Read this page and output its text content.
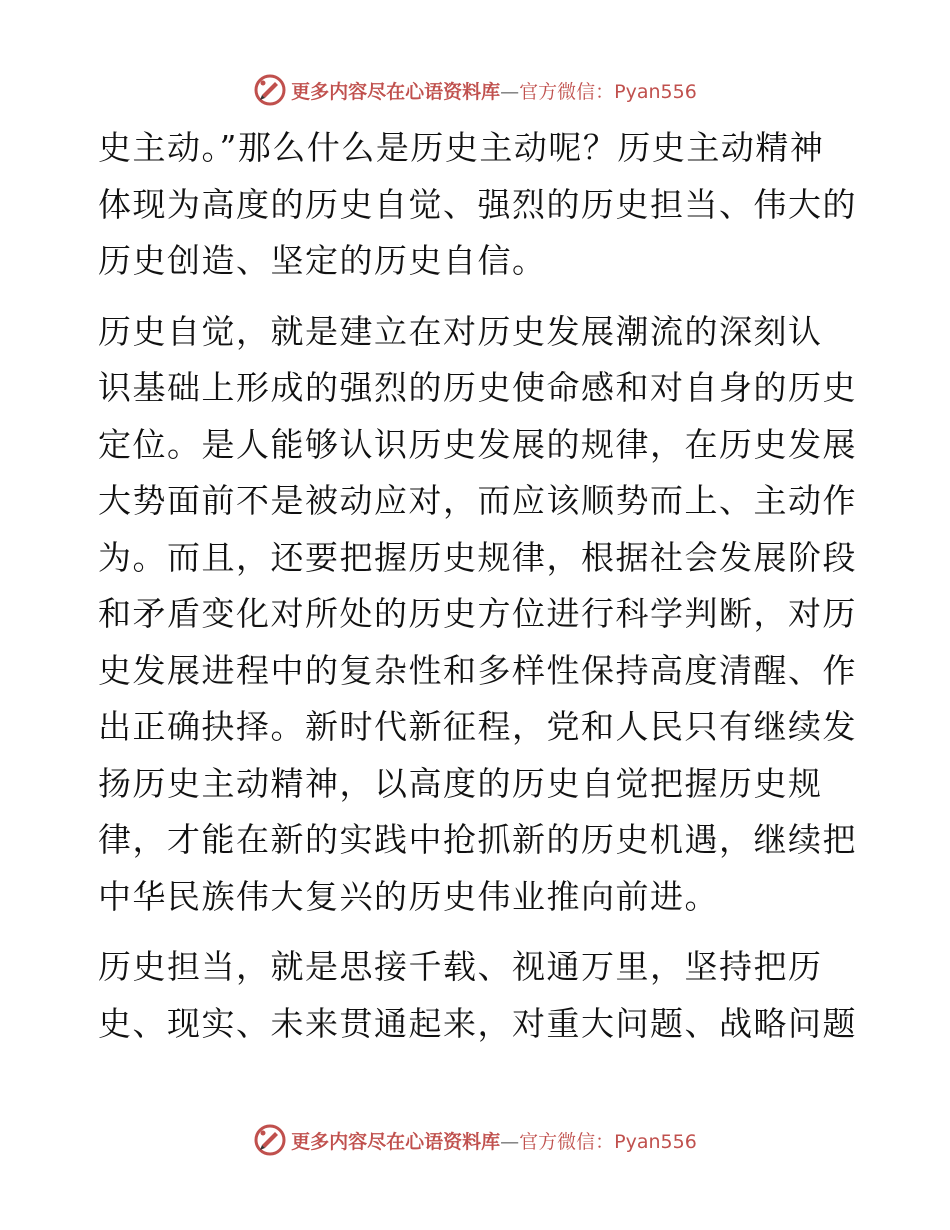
更多内容尽在心语资料库—官方微信：Pyan556

史主动。”那么什么是历史主动呢？历史主动精神
体现为高度的历史自觉、强烈的历史担当、伟大的
历史创造、坚定的历史自信。

历史自觉，就是建立在对历史发展潮流的深刻认
识基础上形成的强烈的历史使命感和对自身的历史
定位。是人能够认识历史发展的规律，在历史发展
大势面前不是被动应对，而应该顺势而上、主动作
为。而且，还要把握历史规律，根据社会发展阶段
和矛盾变化对所处的历史方位进行科学判断，对历
史发展进程中的复杂性和多样性保持高度清醒、作
出正确抉择。新时代新征程，党和人民只有继续发
扬历史主动精神，以高度的历史自觉把握历史规
律，才能在新的实践中抢抓新的历史机遇，继续把
中华民族伟大复兴的历史伟业推向前进。

历史担当，就是思接千载、视通万里，坚持把历
史、现实、未来贯通起来，对重大问题、战略问题

更多内容尽在心语资料库—官方微信：Pyan556
